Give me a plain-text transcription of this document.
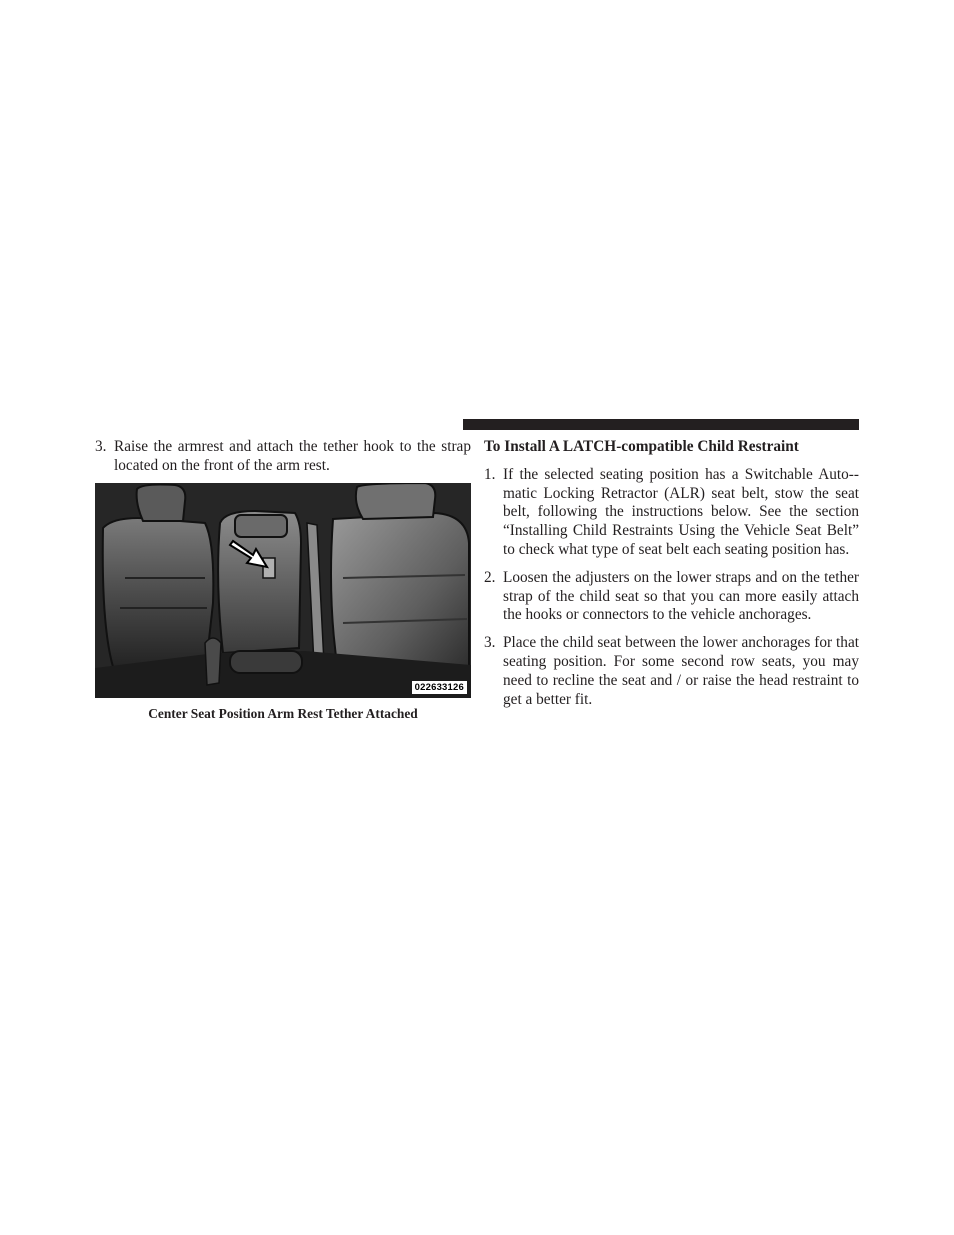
3. Raise the armrest and attach the tether hook to the strap located on the front of the arm rest.
022633126
Center Seat Position Arm Rest Tether Attached
To Install A LATCH-compatible Child Restraint
1. If the selected seating position has a Switchable Auto-matic Locking Retractor (ALR) seat belt, stow the seat belt, following the instructions below. See the section “Installing Child Restraints Using the Vehicle Seat Belt” to check what type of seat belt each seating position has.
2. Loosen the adjusters on the lower straps and on the tether strap of the child seat so that you can more easily attach the hooks or connectors to the vehicle anchorages.
3. Place the child seat between the lower anchorages for that seating position. For some second row seats, you may need to recline the seat and / or raise the head restraint to get a better fit.
